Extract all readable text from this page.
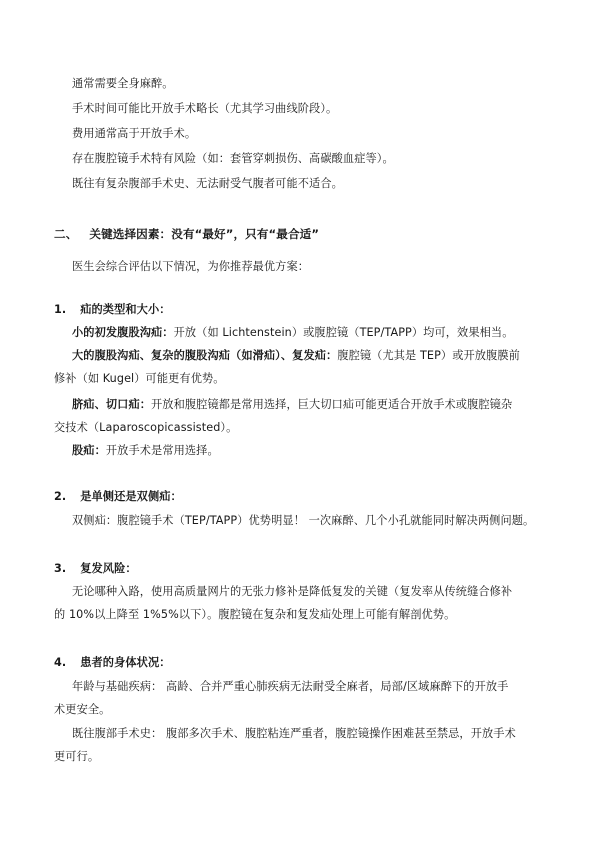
通常需要全身麻醉。
手术时间可能比开放手术略长（尤其学习曲线阶段）。
费用通常高于开放手术。
存在腹腔镜手术特有风险（如：套管穿刺损伤、高碳酸血症等）。
既往有复杂腹部手术史、无法耐受气腹者可能不适合。
二、 关键选择因素：没有“最好”，只有“最合适”
医生会综合评估以下情况，为你推荐最优方案：
1. 疝的类型和大小：
小的初发腹股沟疝：开放（如 Lichtenstein）或腹腔镜（TEP/TAPP）均可，效果相当。
大的腹股沟疝、复杂的腹股沟疝（如滑疝）、复发疝：腹腔镜（尤其是 TEP）或开放腹膜前
修补（如 Kugel）可能更有优势。
脐疝、切口疝：开放和腹腔镜都是常用选择，巨大切口疝可能更适合开放手术或腹腔镜杂
交技术（Laparoscopicassisted）。
股疝：开放手术是常用选择。
2. 是单侧还是双侧疝：
双侧疝：腹腔镜手术（TEP/TAPP）优势明显！ 一次麻醉、几个小孔就能同时解决两侧问题。
3. 复发风险：
无论哪种入路，使用高质量网片的无张力修补是降低复发的关键（复发率从传统缝合修补
的 10%以上降至 1%5%以下）。腹腔镜在复杂和复发疝处理上可能有解剖优势。
4. 患者的身体状况：
年龄与基础疾病： 高龄、合并严重心肺疾病无法耐受全麻者，局部/区域麻醉下的开放手
术更安全。
既往腹部手术史： 腹部多次手术、腹腔粘连严重者，腹腔镜操作困难甚至禁忌，开放手术
更可行。
